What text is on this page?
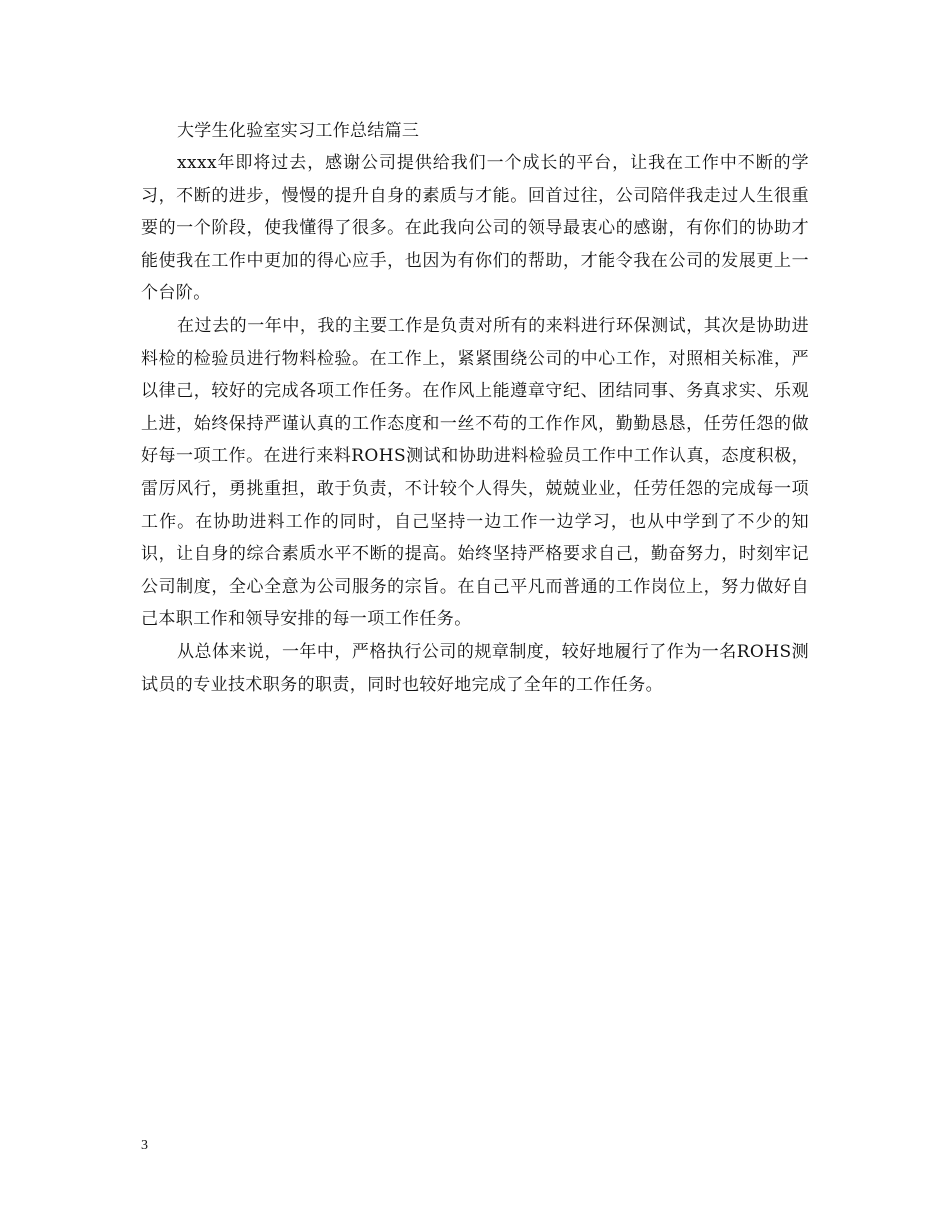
大学生化验室实习工作总结篇三

xxxx年即将过去，感谢公司提供给我们一个成长的平台，让我在工作中不断的学习，不断的进步，慢慢的提升自身的素质与才能。回首过往，公司陪伴我走过人生很重要的一个阶段，使我懂得了很多。在此我向公司的领导最衷心的感谢，有你们的协助才能使我在工作中更加的得心应手，也因为有你们的帮助，才能令我在公司的发展更上一个台阶。

在过去的一年中，我的主要工作是负责对所有的来料进行环保测试，其次是协助进料检的检验员进行物料检验。在工作上，紧紧围绕公司的中心工作，对照相关标准，严以律己，较好的完成各项工作任务。在作风上能遵章守纪、团结同事、务真求实、乐观上进，始终保持严谨认真的工作态度和一丝不苟的工作作风，勤勤恳恳，任劳任怨的做好每一项工作。在进行来料ROHS测试和协助进料检验员工作中工作认真，态度积极，雷厉风行，勇挑重担，敢于负责，不计较个人得失，兢兢业业，任劳任怨的完成每一项工作。在协助进料工作的同时，自己坚持一边工作一边学习，也从中学到了不少的知识，让自身的综合素质水平不断的提高。始终坚持严格要求自己，勤奋努力，时刻牢记公司制度，全心全意为公司服务的宗旨。在自己平凡而普通的工作岗位上，努力做好自己本职工作和领导安排的每一项工作任务。

从总体来说，一年中，严格执行公司的规章制度，较好地履行了作为一名ROHS测试员的专业技术职务的职责，同时也较好地完成了全年的工作任务。

3
